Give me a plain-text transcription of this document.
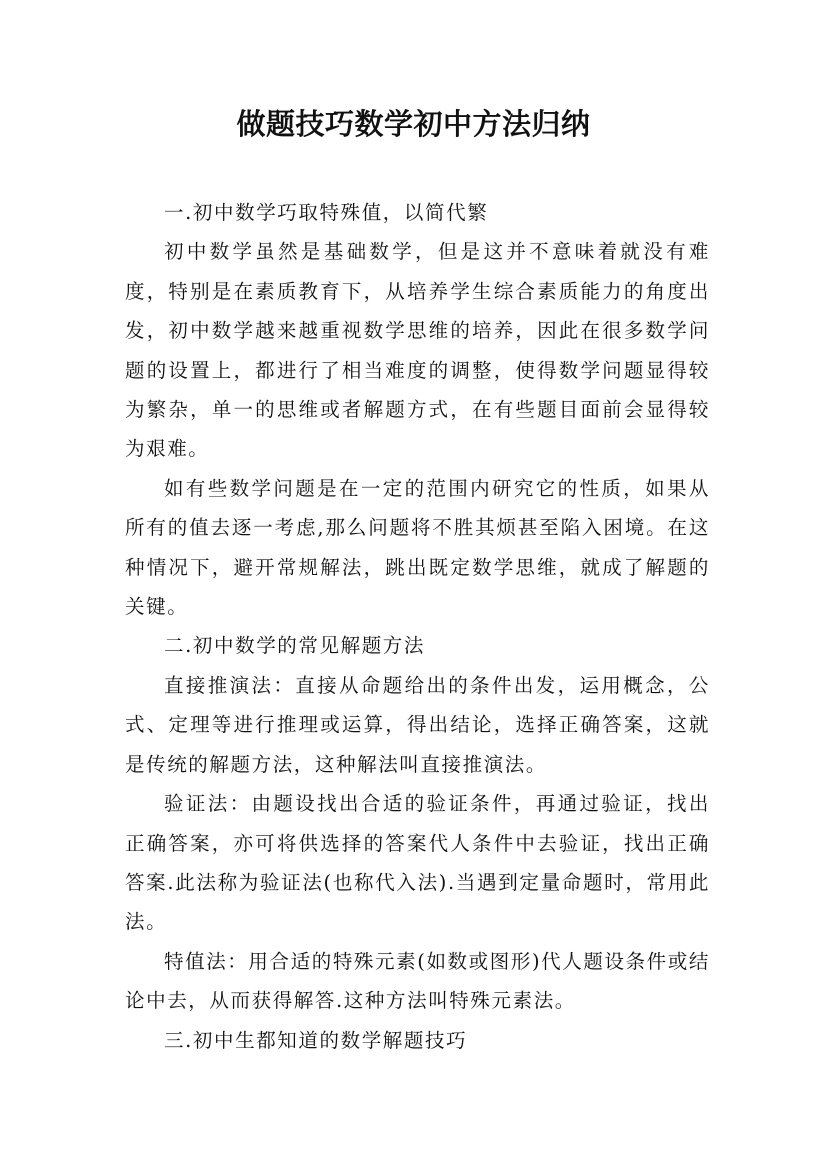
做题技巧数学初中方法归纳

一.初中数学巧取特殊值，以简代繁

初中数学虽然是基础数学，但是这并不意味着就没有难度，特别是在素质教育下，从培养学生综合素质能力的角度出发，初中数学越来越重视数学思维的培养，因此在很多数学问题的设置上，都进行了相当难度的调整，使得数学问题显得较为繁杂，单一的思维或者解题方式，在有些题目面前会显得较为艰难。

如有些数学问题是在一定的范围内研究它的性质，如果从所有的值去逐一考虑,那么问题将不胜其烦甚至陷入困境。在这种情况下，避开常规解法，跳出既定数学思维，就成了解题的关键。

二.初中数学的常见解题方法

直接推演法：直接从命题给出的条件出发，运用概念，公式、定理等进行推理或运算，得出结论，选择正确答案，这就是传统的解题方法，这种解法叫直接推演法。

验证法：由题设找出合适的验证条件，再通过验证，找出正确答案，亦可将供选择的答案代人条件中去验证，找出正确答案.此法称为验证法(也称代入法).当遇到定量命题时，常用此法。

特值法：用合适的特殊元素(如数或图形)代人题设条件或结论中去，从而获得解答.这种方法叫特殊元素法。

三.初中生都知道的数学解题技巧
